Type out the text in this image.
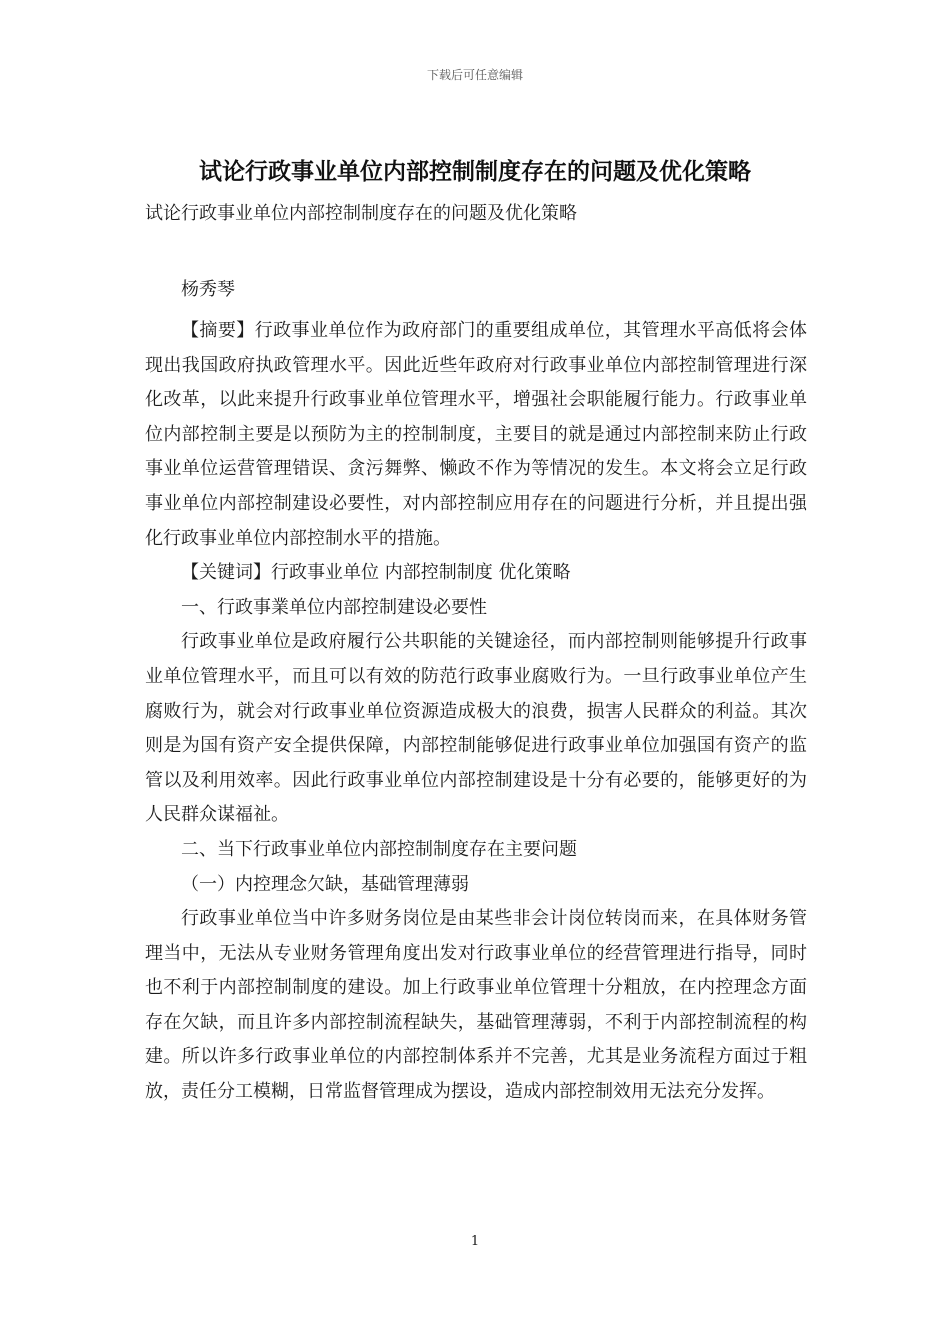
下载后可任意编辑
试论行政事业单位内部控制制度存在的问题及优化策略
试论行政事业单位内部控制制度存在的问题及优化策略
杨秀琴

【摘要】行政事业单位作为政府部门的重要组成单位，其管理水平高低将会体现出我国政府执政管理水平。因此近些年政府对行政事业单位内部控制管理进行深化改革，以此来提升行政事业单位管理水平，增强社会职能履行能力。行政事业单位内部控制主要是以预防为主的控制制度，主要目的就是通过内部控制来防止行政事业单位运营管理错误、贪污舞弊、懒政不作为等情况的发生。本文将会立足行政事业单位内部控制建设必要性，对内部控制应用存在的问题进行分析，并且提出强化行政事业单位内部控制水平的措施。

【关键词】行政事业单位 内部控制制度 优化策略

一、行政事業单位内部控制建设必要性

行政事业单位是政府履行公共职能的关键途径，而内部控制则能够提升行政事业单位管理水平，而且可以有效的防范行政事业腐败行为。一旦行政事业单位产生腐败行为，就会对行政事业单位资源造成极大的浪费，损害人民群众的利益。其次则是为国有资产安全提供保障，内部控制能够促进行政事业单位加强国有资产的监管以及利用效率。因此行政事业单位内部控制建设是十分有必要的，能够更好的为人民群众谋福祉。

二、当下行政事业单位内部控制制度存在主要问题

（一）内控理念欠缺，基础管理薄弱

行政事业单位当中许多财务岗位是由某些非会计岗位转岗而来，在具体财务管理当中，无法从专业财务管理角度出发对行政事业单位的经营管理进行指导，同时也不利于内部控制制度的建设。加上行政事业单位管理十分粗放，在内控理念方面存在欠缺，而且许多内部控制流程缺失，基础管理薄弱，不利于内部控制流程的构建。所以许多行政事业单位的内部控制体系并不完善，尤其是业务流程方面过于粗放，责任分工模糊，日常监督管理成为摆设，造成内部控制效用无法充分发挥。

1
